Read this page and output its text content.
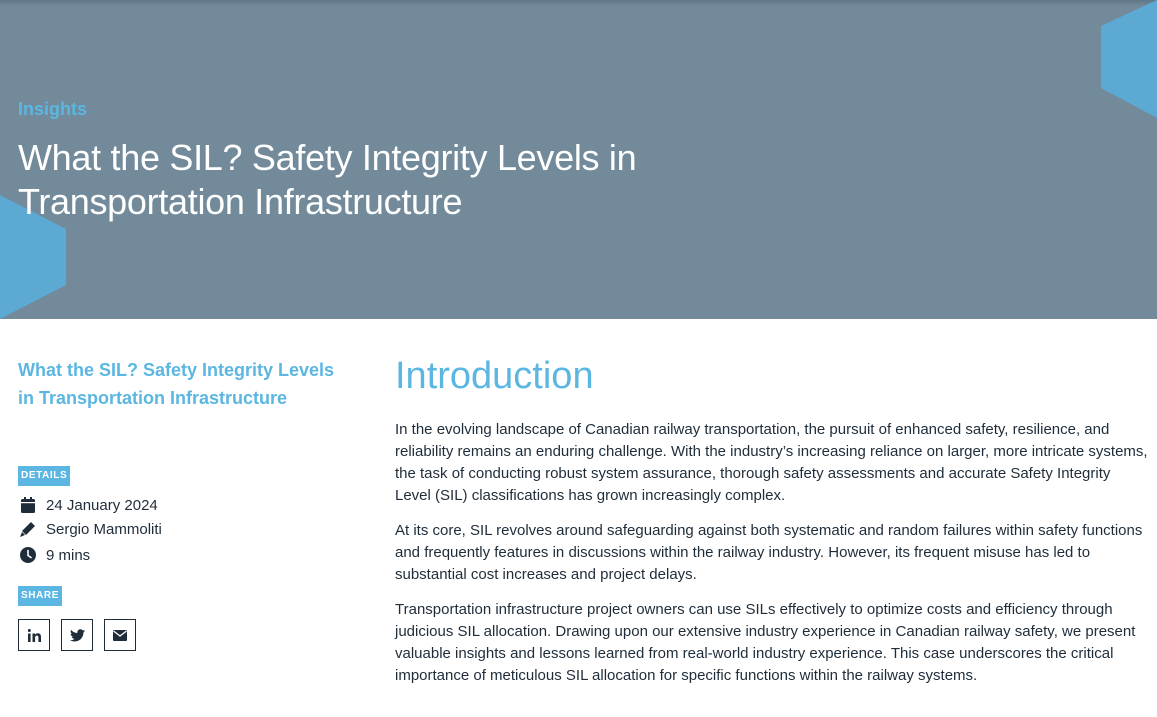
Insights
What the SIL? Safety Integrity Levels in Transportation Infrastructure
What the SIL? Safety Integrity Levels in Transportation Infrastructure
DETAILS
24 January 2024
Sergio Mammoliti
9 mins
SHARE
Introduction

In the evolving landscape of Canadian railway transportation, the pursuit of enhanced safety, resilience, and reliability remains an enduring challenge. With the industry’s increasing reliance on larger, more intricate systems, the task of conducting robust system assurance, thorough safety assessments and accurate Safety Integrity Level (SIL) classifications has grown increasingly complex.

At its core, SIL revolves around safeguarding against both systematic and random failures within safety functions and frequently features in discussions within the railway industry. However, its frequent misuse has led to substantial cost increases and project delays.

Transportation infrastructure project owners can use SILs effectively to optimize costs and efficiency through judicious SIL allocation. Drawing upon our extensive industry experience in Canadian railway safety, we present valuable insights and lessons learned from real-world industry experience. This case underscores the critical importance of meticulous SIL allocation for specific functions within the railway systems.
